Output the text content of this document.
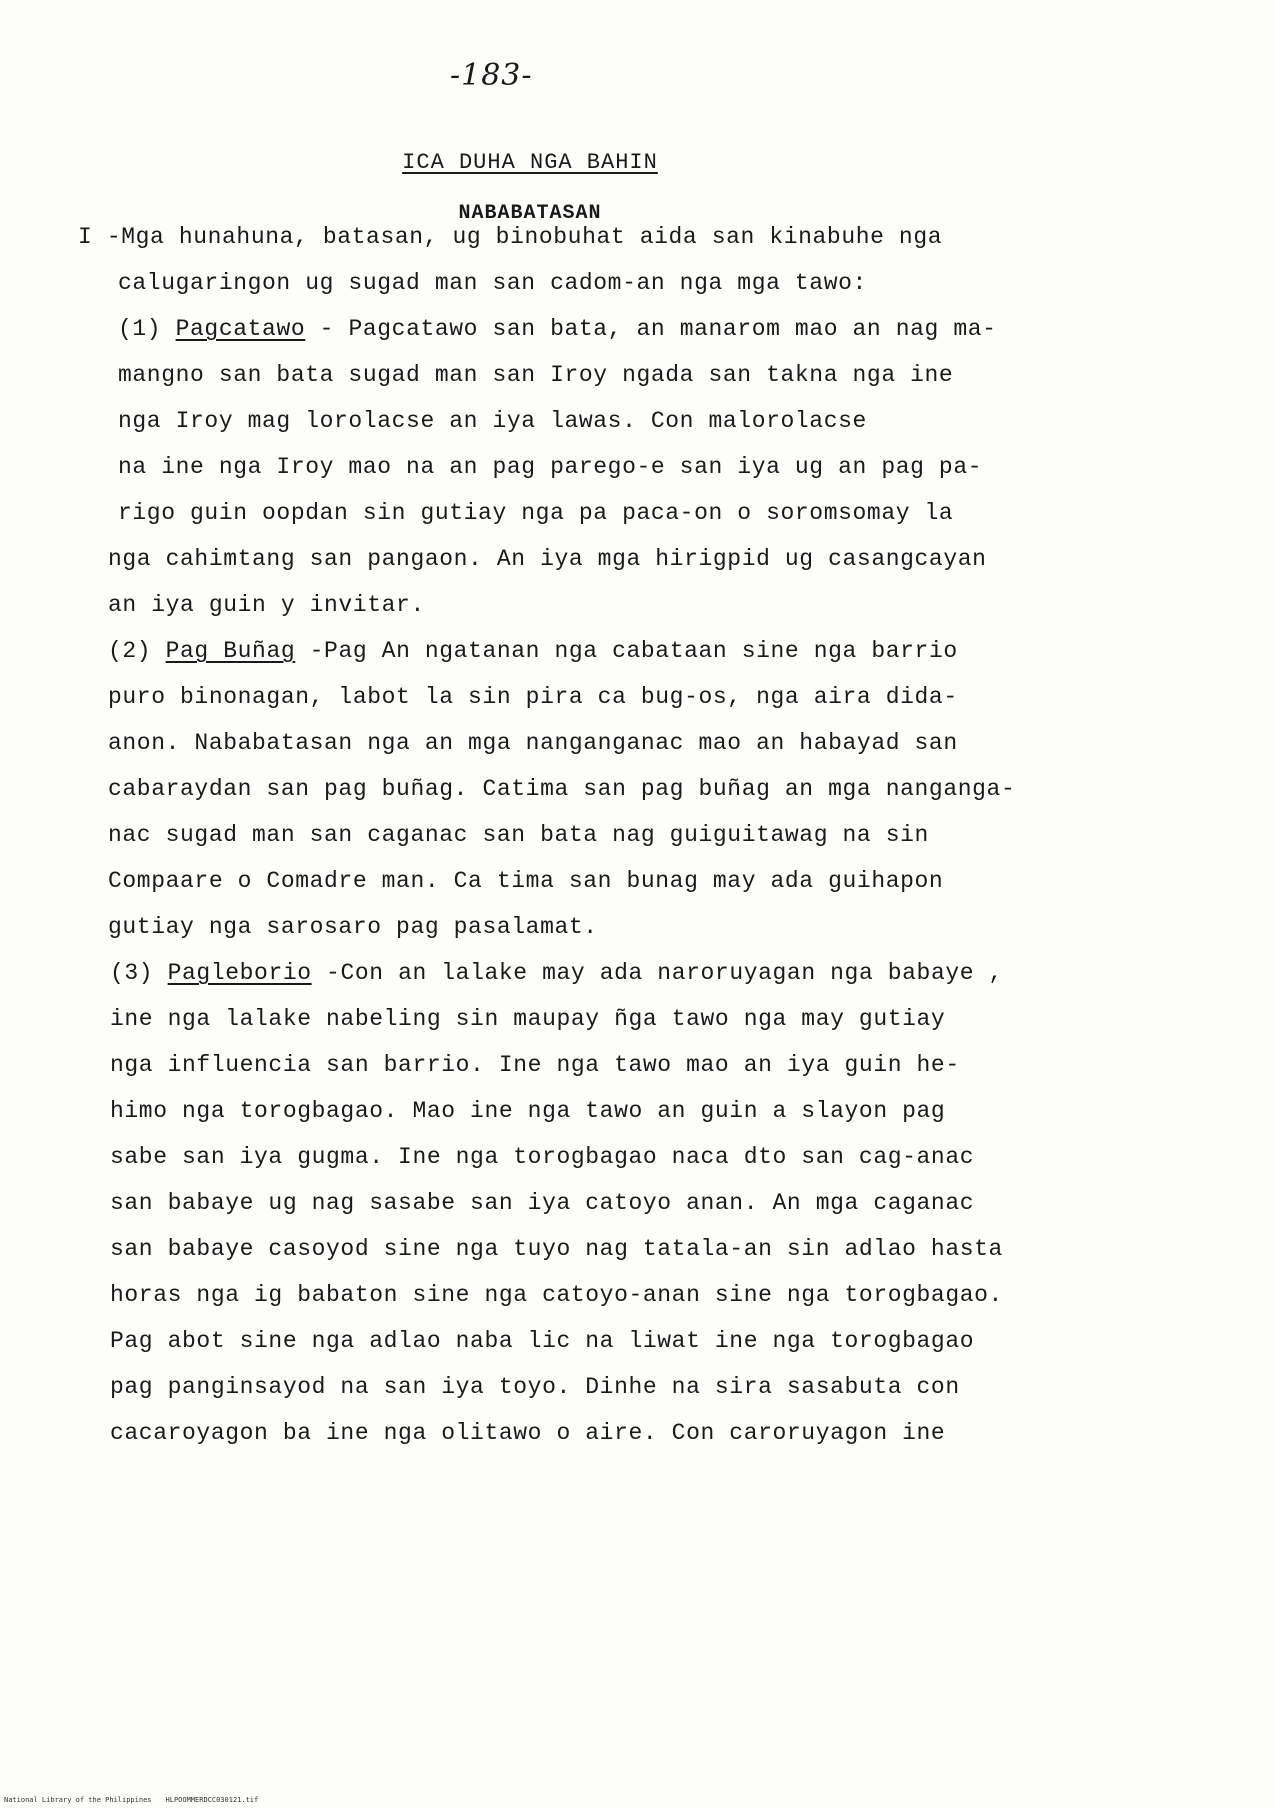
-183-
ICA DUHA NGA BAHIN
NABABATASAN
I -Mga hunahuna, batasan, ug binobuhat aida san kinabuhe nga
calugaringon ug sugad man san cadom-an nga mga tawo:
(1) Pagcatawo - Pagcatawo san bata, an manarom mao an nag ma-
mangno san bata sugad man san Iroy ngada san takna nga ine
nga Iroy mag lorolacse an iya lawas. Con malorolacse
na ine nga Iroy mao na an pag parego-e san iya ug an pag pa-
rigo guin oopdan sin gutiay nga pa paca-on o soromsomay la
nga cahimtang san pangaon. An iya mga hirigpid ug casangcayan
an iya guin y invitar.
(2) Pag Buñag -Pag An ngatanan nga cabataan sine nga barrio
puro binonagan, labot la sin pira ca bug-os, nga aira dida-
anon. Nababatasan nga an mga nanganganac mao an habayad san
cabaraydan san pag buñag. Catima san pag buñag an mga nanganga-
nac sugad man san caganac san bata nag guiguitawag na sin
Compaare o Comadre man. Ca tima san bunag may ada guihapon
gutiay nga sarosaro pag pasalamat.
(3) Pagleborio -Con an lalake may ada naroruyagan nga babaye ,
ine nga lalake nabeling sin maupay ñga tawo nga may gutiay
nga influencia san barrio. Ine nga tawo mao an iya guin he-
himo nga torogbagao. Mao ine nga tawo an guin a slayon pag
sabe san iya gugma. Ine nga torogbagao naca dto san cag-anac
san babaye ug nag sasabe san iya catoyo anan. An mga caganac
san babaye casoyod sine nga tuyo nag tatala-an sin adlao hasta
horas nga ig babaton sine nga catoyo-anan sine nga torogbagao.
Pag abot sine nga adlao naba lic na liwat ine nga torogbagao
pag panginsayod na san iya toyo. Dinhe na sira sasabuta con
cacaroyagon ba ine nga olitawo o aire. Con caroruyagon ine
National Library of the Philippines HLPOOMMERDCC030121.tif
